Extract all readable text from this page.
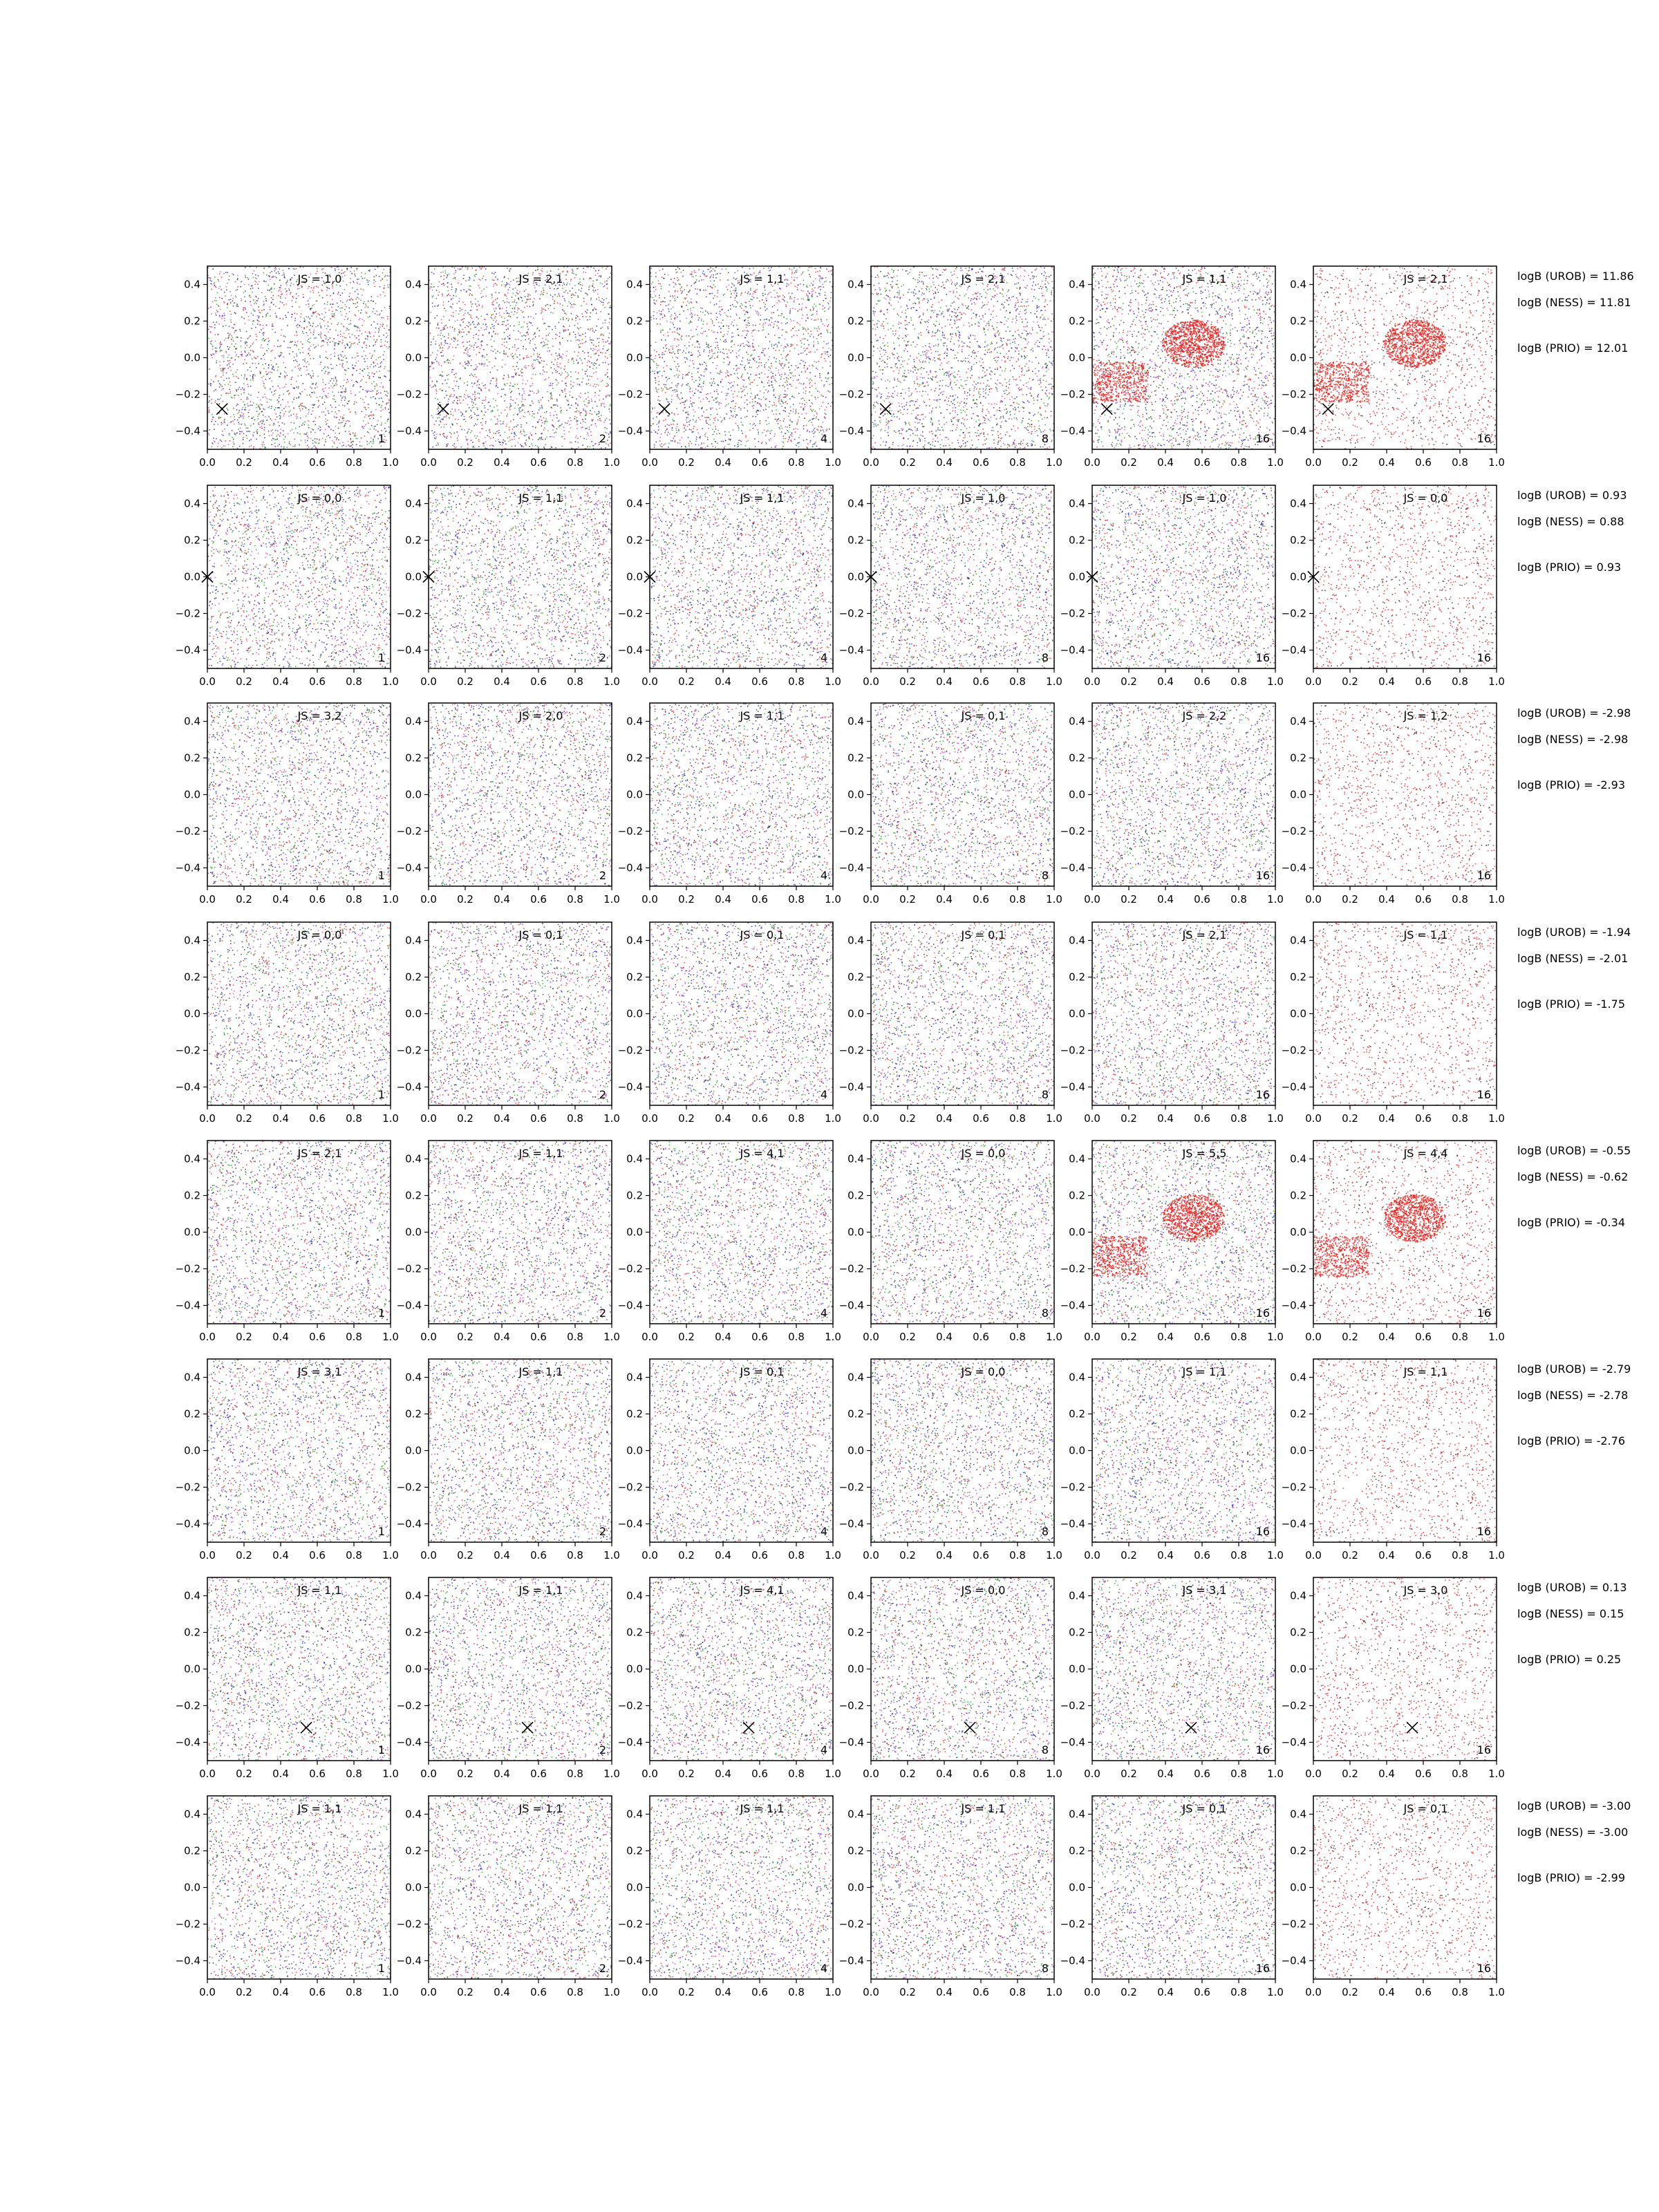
0.0 0.2 0.4 0.6 0.8 1.0
0.4
0.2
0.0
−0.2
−0.4
JS = 1,0
1
0.0 0.2 0.4 0.6 0.8 1.0
0.4
0.2
0.0
−0.2
−0.4
JS = 2,1
2
0.0 0.2 0.4 0.6 0.8 1.0
0.4
0.2
0.0
−0.2
−0.4
JS = 1,1
4
0.0 0.2 0.4 0.6 0.8 1.0
0.4
0.2
0.0
−0.2
−0.4
JS = 2,1
8
0.0 0.2 0.4 0.6 0.8 1.0
0.4
0.2
0.0
−0.2
−0.4
JS = 1,1
16
0.0 0.2 0.4 0.6 0.8 1.0
0.4
0.2
0.0
−0.2
−0.4
JS = 2,1
16
logB (UROB) = 11.86
logB (NESS) = 11.81
logB (PRIO) = 12.01
0.0 0.2 0.4 0.6 0.8 1.0
0.4
0.2
0.0
−0.2
−0.4
JS = 0,0
1
0.0 0.2 0.4 0.6 0.8 1.0
0.4
0.2
0.0
−0.2
−0.4
JS = 1,1
2
0.0 0.2 0.4 0.6 0.8 1.0
0.4
0.2
0.0
−0.2
−0.4
JS = 1,1
4
0.0 0.2 0.4 0.6 0.8 1.0
0.4
0.2
0.0
−0.2
−0.4
JS = 1,0
8
0.0 0.2 0.4 0.6 0.8 1.0
0.4
0.2
0.0
−0.2
−0.4
JS = 1,0
16
0.0 0.2 0.4 0.6 0.8 1.0
0.4
0.2
0.0
−0.2
−0.4
JS = 0,0
16
logB (UROB) = 0.93
logB (NESS) = 0.88
logB (PRIO) = 0.93
0.0 0.2 0.4 0.6 0.8 1.0
0.4
0.2
0.0
−0.2
−0.4
JS = 3,2
1
0.0 0.2 0.4 0.6 0.8 1.0
0.4
0.2
0.0
−0.2
−0.4
JS = 2,0
2
0.0 0.2 0.4 0.6 0.8 1.0
0.4
0.2
0.0
−0.2
−0.4
JS = 1,1
4
0.0 0.2 0.4 0.6 0.8 1.0
0.4
0.2
0.0
−0.2
−0.4
JS = 0,1
8
0.0 0.2 0.4 0.6 0.8 1.0
0.4
0.2
0.0
−0.2
−0.4
JS = 2,2
16
0.0 0.2 0.4 0.6 0.8 1.0
0.4
0.2
0.0
−0.2
−0.4
JS = 1,2
16
logB (UROB) = -2.98
logB (NESS) = -2.98
logB (PRIO) = -2.93
0.0 0.2 0.4 0.6 0.8 1.0
0.4
0.2
0.0
−0.2
−0.4
JS = 0,0
1
0.0 0.2 0.4 0.6 0.8 1.0
0.4
0.2
0.0
−0.2
−0.4
JS = 0,1
2
0.0 0.2 0.4 0.6 0.8 1.0
0.4
0.2
0.0
−0.2
−0.4
JS = 0,1
4
0.0 0.2 0.4 0.6 0.8 1.0
0.4
0.2
0.0
−0.2
−0.4
JS = 0,1
8
0.0 0.2 0.4 0.6 0.8 1.0
0.4
0.2
0.0
−0.2
−0.4
JS = 2,1
16
0.0 0.2 0.4 0.6 0.8 1.0
0.4
0.2
0.0
−0.2
−0.4
JS = 1,1
16
logB (UROB) = -1.94
logB (NESS) = -2.01
logB (PRIO) = -1.75
0.0 0.2 0.4 0.6 0.8 1.0
0.4
0.2
0.0
−0.2
−0.4
JS = 2,1
1
0.0 0.2 0.4 0.6 0.8 1.0
0.4
0.2
0.0
−0.2
−0.4
JS = 1,1
2
0.0 0.2 0.4 0.6 0.8 1.0
0.4
0.2
0.0
−0.2
−0.4
JS = 4,1
4
0.0 0.2 0.4 0.6 0.8 1.0
0.4
0.2
0.0
−0.2
−0.4
JS = 0,0
8
0.0 0.2 0.4 0.6 0.8 1.0
0.4
0.2
0.0
−0.2
−0.4
JS = 5,5
16
0.0 0.2 0.4 0.6 0.8 1.0
0.4
0.2
0.0
−0.2
−0.4
JS = 4,4
16
logB (UROB) = -0.55
logB (NESS) = -0.62
logB (PRIO) = -0.34
0.0 0.2 0.4 0.6 0.8 1.0
0.4
0.2
0.0
−0.2
−0.4
JS = 3,1
1
0.0 0.2 0.4 0.6 0.8 1.0
0.4
0.2
0.0
−0.2
−0.4
JS = 1,1
2
0.0 0.2 0.4 0.6 0.8 1.0
0.4
0.2
0.0
−0.2
−0.4
JS = 0,1
4
0.0 0.2 0.4 0.6 0.8 1.0
0.4
0.2
0.0
−0.2
−0.4
JS = 0,0
8
0.0 0.2 0.4 0.6 0.8 1.0
0.4
0.2
0.0
−0.2
−0.4
JS = 1,1
16
0.0 0.2 0.4 0.6 0.8 1.0
0.4
0.2
0.0
−0.2
−0.4
JS = 1,1
16
logB (UROB) = -2.79
logB (NESS) = -2.78
logB (PRIO) = -2.76
0.0 0.2 0.4 0.6 0.8 1.0
0.4
0.2
0.0
−0.2
−0.4
JS = 1,1
1
0.0 0.2 0.4 0.6 0.8 1.0
0.4
0.2
0.0
−0.2
−0.4
JS = 1,1
2
0.0 0.2 0.4 0.6 0.8 1.0
0.4
0.2
0.0
−0.2
−0.4
JS = 4,1
4
0.0 0.2 0.4 0.6 0.8 1.0
0.4
0.2
0.0
−0.2
−0.4
JS = 0,0
8
0.0 0.2 0.4 0.6 0.8 1.0
0.4
0.2
0.0
−0.2
−0.4
JS = 3,1
16
0.0 0.2 0.4 0.6 0.8 1.0
0.4
0.2
0.0
−0.2
−0.4
JS = 3,0
16
logB (UROB) = 0.13
logB (NESS) = 0.15
logB (PRIO) = 0.25
0.0 0.2 0.4 0.6 0.8 1.0
0.4
0.2
0.0
−0.2
−0.4
JS = 1,1
1
0.0 0.2 0.4 0.6 0.8 1.0
0.4
0.2
0.0
−0.2
−0.4
JS = 1,1
2
0.0 0.2 0.4 0.6 0.8 1.0
0.4
0.2
0.0
−0.2
−0.4
JS = 1,1
4
0.0 0.2 0.4 0.6 0.8 1.0
0.4
0.2
0.0
−0.2
−0.4
JS = 1,1
8
0.0 0.2 0.4 0.6 0.8 1.0
0.4
0.2
0.0
−0.2
−0.4
JS = 0,1
16
0.0 0.2 0.4 0.6 0.8 1.0
0.4
0.2
0.0
−0.2
−0.4
JS = 0,1
16
logB (UROB) = -3.00
logB (NESS) = -3.00
logB (PRIO) = -2.99
